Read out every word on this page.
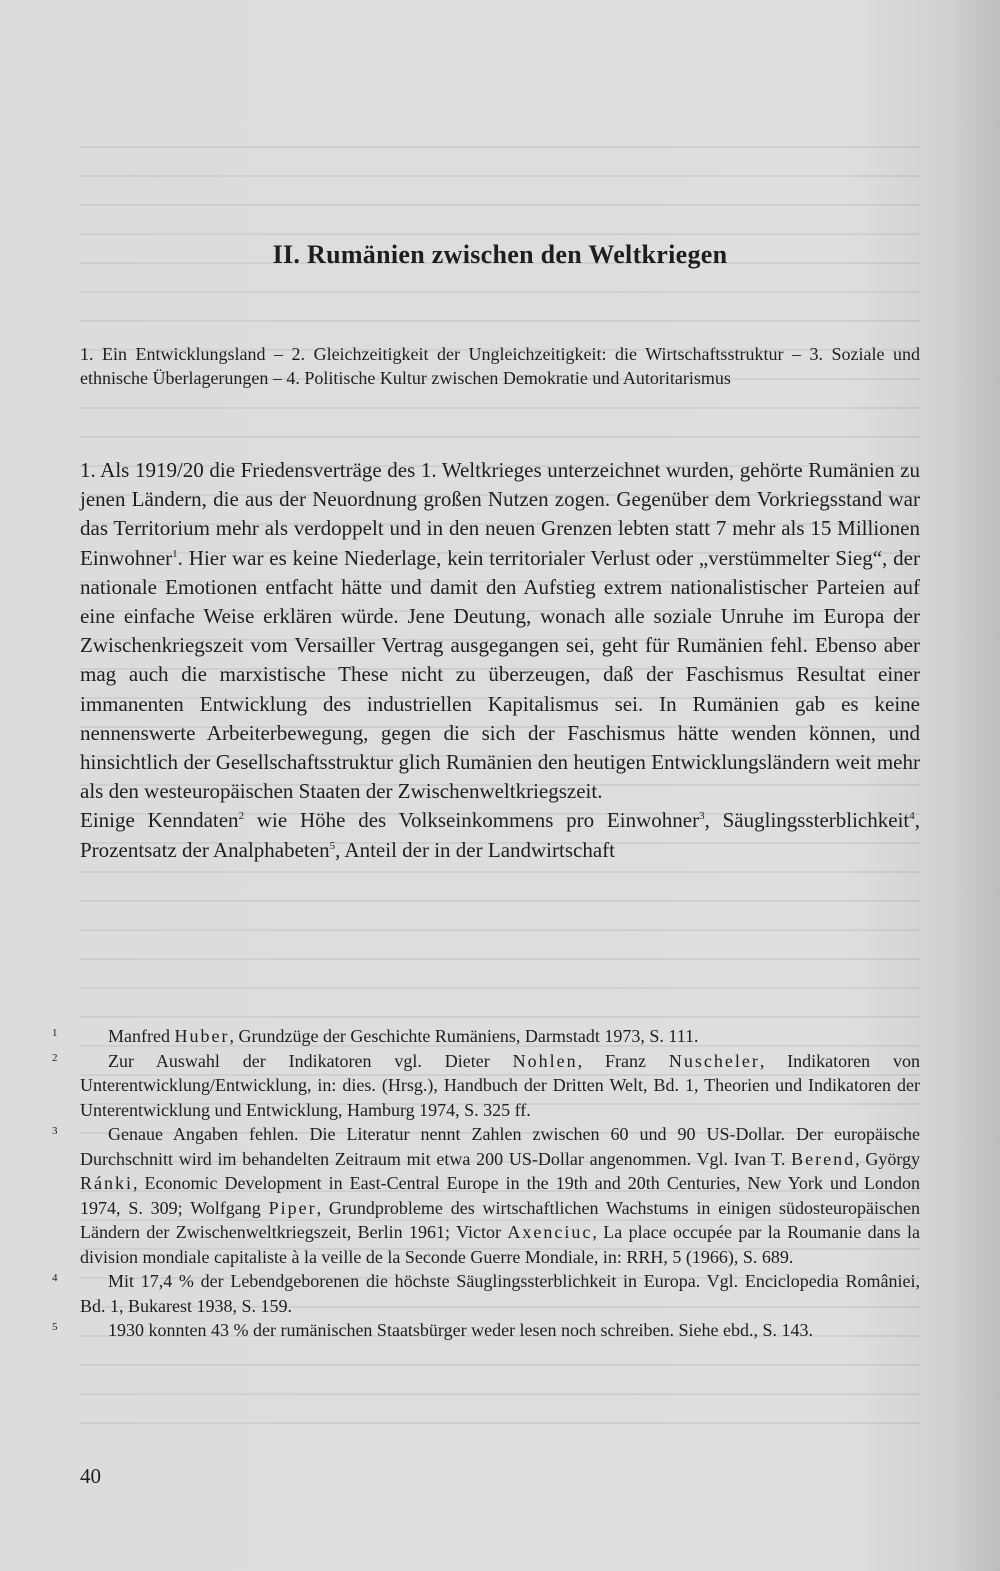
II. Rumänien zwischen den Weltkriegen

1. Ein Entwicklungsland – 2. Gleichzeitigkeit der Ungleichzeitigkeit: die Wirtschaftsstruktur – 3. Soziale und ethnische Überlagerungen – 4. Politische Kultur zwischen Demokratie und Autoritarismus

1. Als 1919/20 die Friedensverträge des 1. Weltkrieges unterzeichnet wurden, gehörte Rumänien zu jenen Ländern, die aus der Neuordnung großen Nutzen zogen. Gegenüber dem Vorkriegsstand war das Territorium mehr als verdoppelt und in den neuen Grenzen lebten statt 7 mehr als 15 Millionen Einwohner$^1$. Hier war es keine Niederlage, kein territorialer Verlust oder „verstümmelter Sieg“, der nationale Emotionen entfacht hätte und damit den Aufstieg extrem nationalistischer Parteien auf eine einfache Weise erklären würde. Jene Deutung, wonach alle soziale Unruhe im Europa der Zwischenkriegszeit vom Versailler Vertrag ausgegangen sei, geht für Rumänien fehl. Ebenso aber mag auch die marxistische These nicht zu überzeugen, daß der Faschismus Resultat einer immanenten Entwicklung des industriellen Kapitalismus sei. In Rumänien gab es keine nennenswerte Arbeiterbewegung, gegen die sich der Faschismus hätte wenden können, und hinsichtlich der Gesellschaftsstruktur glich Rumänien den heutigen Entwicklungsländern weit mehr als den westeuropäischen Staaten der Zwischenweltkriegszeit.

Einige Kenndaten$^2$ wie Höhe des Volkseinkommens pro Einwohner$^3$, Säuglingssterblichkeit$^4$, Prozentsatz der Analphabeten$^5$, Anteil der in der Landwirtschaft

1	Manfred Huber, Grundzüge der Geschichte Rumäniens, Darmstadt 1973, S. 111.

2	Zur Auswahl der Indikatoren vgl. Dieter Nohlen, Franz Nuscheler, Indikatoren von Unterentwicklung/Entwicklung, in: dies. (Hrsg.), Handbuch der Dritten Welt, Bd. 1, Theorien und Indikatoren der Unterentwicklung und Entwicklung, Hamburg 1974, S. 325 ff.

3	Genaue Angaben fehlen. Die Literatur nennt Zahlen zwischen 60 und 90 US-Dollar. Der europäische Durchschnitt wird im behandelten Zeitraum mit etwa 200 US-Dollar angenommen. Vgl. Ivan T. Berend, György Ránki, Economic Development in East-Central Europe in the 19th and 20th Centuries, New York und London 1974, S. 309; Wolfgang Piper, Grundprobleme des wirtschaftlichen Wachstums in einigen südosteuropäischen Ländern der Zwischenweltkriegszeit, Berlin 1961; Victor Axenciuc, La place occupée par la Roumanie dans la division mondiale capitaliste à la veille de la Seconde Guerre Mondiale, in: RRH, 5 (1966), S. 689.

4	Mit 17,4 % der Lebendgeborenen die höchste Säuglingssterblichkeit in Europa. Vgl. Enciclopedia României, Bd. 1, Bukarest 1938, S. 159.

5	1930 konnten 43 % der rumänischen Staatsbürger weder lesen noch schreiben. Siehe ebd., S. 143.

40
